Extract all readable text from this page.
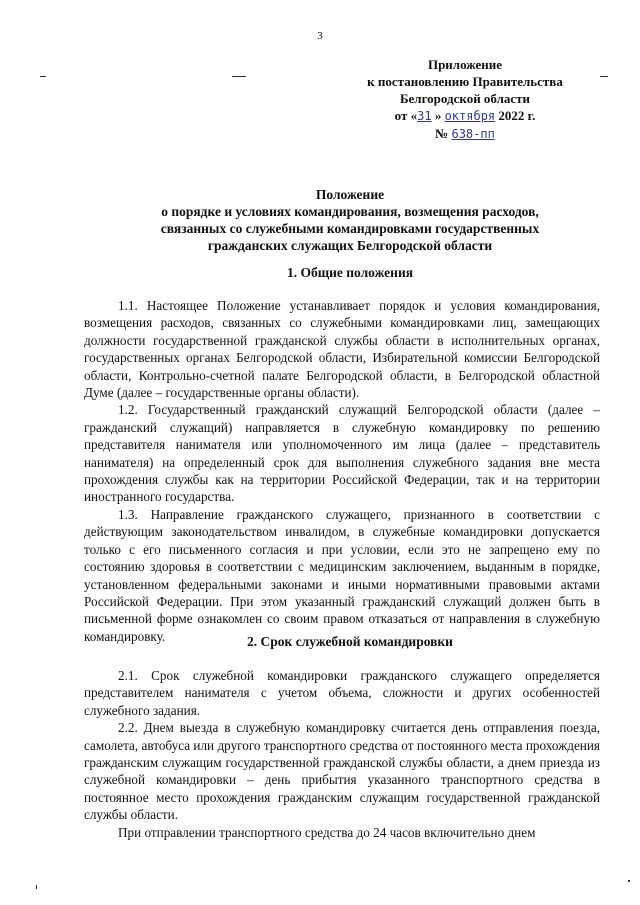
3
Приложение
к постановлению Правительства
Белгородской области
от «31 » октября 2022 г.
№ 638-пп
Положение
о порядке и условиях командирования, возмещения расходов,
связанных со служебными командировками государственных
гражданских служащих Белгородской области
1. Общие положения

1.1. Настоящее Положение устанавливает порядок и условия командирования, возмещения расходов, связанных со служебными командировками лиц, замещающих должности государственной гражданской службы области в исполнительных органах, государственных органах Белгородской области, Избирательной комиссии Белгородской области, Контрольно-счетной палате Белгородской области, в Белгородской областной Думе (далее – государственные органы области).

1.2. Государственный гражданский служащий Белгородской области (далее – гражданский служащий) направляется в служебную командировку по решению представителя нанимателя или уполномоченного им лица (далее – представитель нанимателя) на определенный срок для выполнения служебного задания вне места прохождения службы как на территории Российской Федерации, так и на территории иностранного государства.

1.3. Направление гражданского служащего, признанного в соответствии с действующим законодательством инвалидом, в служебные командировки допускается только с его письменного согласия и при условии, если это не запрещено ему по состоянию здоровья в соответствии с медицинским заключением, выданным в порядке, установленном федеральными законами и иными нормативными правовыми актами Российской Федерации. При этом указанный гражданский служащий должен быть в письменной форме ознакомлен со своим правом отказаться от направления в служебную командировку.	2. Срок служебной командировки

2.1. Срок служебной командировки гражданского служащего определяется представителем нанимателя с учетом объема, сложности и других особенностей служебного задания.

2.2. Днем выезда в служебную командировку считается день отправления поезда, самолета, автобуса или другого транспортного средства от постоянного места прохождения гражданским служащим государственной гражданской службы области, а днем приезда из служебной командировки – день прибытия указанного транспортного средства в постоянное место прохождения гражданским служащим государственной гражданской службы области.

При отправлении транспортного средства до 24 часов включительно днем
